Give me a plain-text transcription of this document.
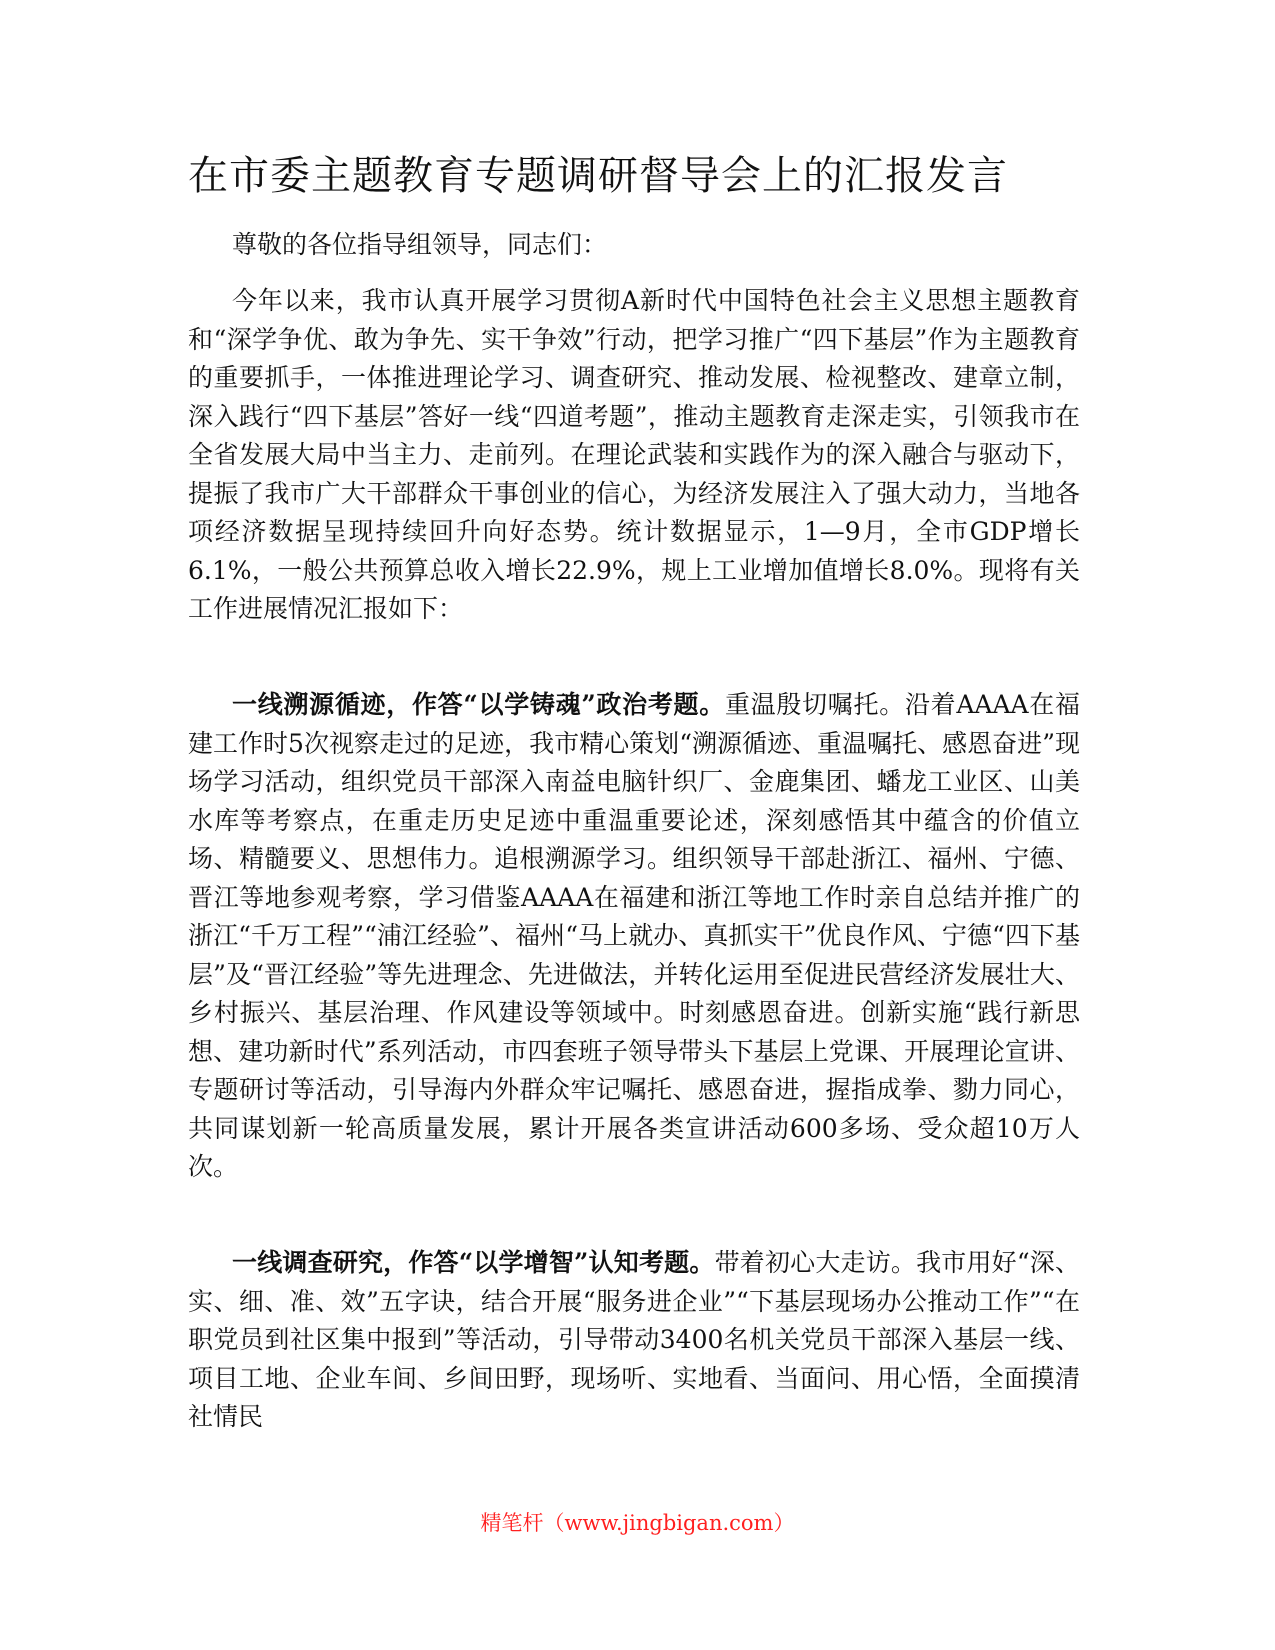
在市委主题教育专题调研督导会上的汇报发言

尊敬的各位指导组领导，同志们：

今年以来，我市认真开展学习贯彻A新时代中国特色社会主义思想主题教育和“深学争优、敢为争先、实干争效”行动，把学习推广“四下基层”作为主题教育的重要抓手，一体推进理论学习、调查研究、推动发展、检视整改、建章立制，深入践行“四下基层”答好一线“四道考题”，推动主题教育走深走实，引领我市在全省发展大局中当主力、走前列。在理论武装和实践作为的深入融合与驱动下，提振了我市广大干部群众干事创业的信心，为经济发展注入了强大动力，当地各项经济数据呈现持续回升向好态势。统计数据显示，1—9月，全市GDP增长6.1%，一般公共预算总收入增长22.9%，规上工业增加值增长8.0%。现将有关工作进展情况汇报如下：

一线溯源循迹，作答“以学铸魂”政治考题。重温殷切嘱托。沿着AAAA在福建工作时5次视察走过的足迹，我市精心策划“溯源循迹、重温嘱托、感恩奋进”现场学习活动，组织党员干部深入南益电脑针织厂、金鹿集团、蟠龙工业区、山美水库等考察点，在重走历史足迹中重温重要论述，深刻感悟其中蕴含的价值立场、精髓要义、思想伟力。追根溯源学习。组织领导干部赴浙江、福州、宁德、晋江等地参观考察，学习借鉴AAAA在福建和浙江等地工作时亲自总结并推广的浙江“千万工程”“浦江经验”、福州“马上就办、真抓实干”优良作风、宁德“四下基层”及“晋江经验”等先进理念、先进做法，并转化运用至促进民营经济发展壮大、乡村振兴、基层治理、作风建设等领域中。时刻感恩奋进。创新实施“践行新思想、建功新时代”系列活动，市四套班子领导带头下基层上党课、开展理论宣讲、专题研讨等活动，引导海内外群众牢记嘱托、感恩奋进，握指成拳、勠力同心，共同谋划新一轮高质量发展，累计开展各类宣讲活动600多场、受众超10万人次。

一线调查研究，作答“以学增智”认知考题。带着初心大走访。我市用好“深、实、细、准、效”五字诀，结合开展“服务进企业”“下基层现场办公推动工作”“在职党员到社区集中报到”等活动，引导带动3400名机关党员干部深入基层一线、项目工地、企业车间、乡间田野，现场听、实地看、当面问、用心悟，全面摸清社情民

精笔杆（www.jingbigan.com）
